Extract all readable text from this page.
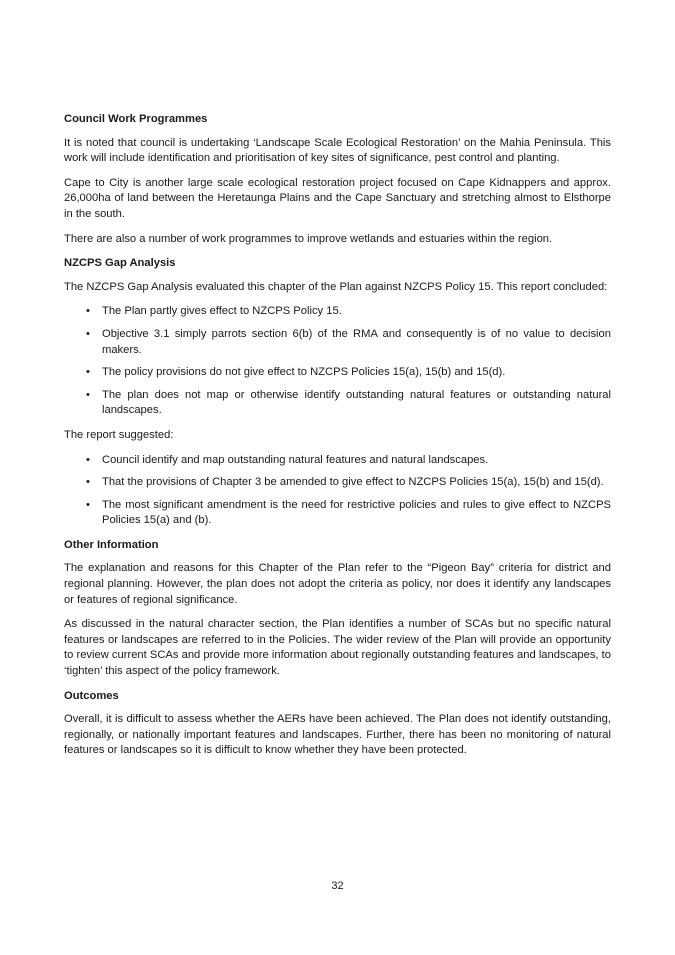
Council Work Programmes

It is noted that council is undertaking ‘Landscape Scale Ecological Restoration’ on the Mahia Peninsula. This work will include identification and prioritisation of key sites of significance, pest control and planting.

Cape to City is another large scale ecological restoration project focused on Cape Kidnappers and approx. 26,000ha of land between the Heretaunga Plains and the Cape Sanctuary and stretching almost to Elsthorpe in the south.

There are also a number of work programmes to improve wetlands and estuaries within the region.

NZCPS Gap Analysis

The NZCPS Gap Analysis evaluated this chapter of the Plan against NZCPS Policy 15. This report concluded:

• The Plan partly gives effect to NZCPS Policy 15.
• Objective 3.1 simply parrots section 6(b) of the RMA and consequently is of no value to decision makers.
• The policy provisions do not give effect to NZCPS Policies 15(a), 15(b) and 15(d).
• The plan does not map or otherwise identify outstanding natural features or outstanding natural landscapes.

The report suggested:

• Council identify and map outstanding natural features and natural landscapes.
• That the provisions of Chapter 3 be amended to give effect to NZCPS Policies 15(a), 15(b) and 15(d).
• The most significant amendment is the need for restrictive policies and rules to give effect to NZCPS Policies 15(a) and (b).
Other Information

The explanation and reasons for this Chapter of the Plan refer to the “Pigeon Bay” criteria for district and regional planning. However, the plan does not adopt the criteria as policy, nor does it identify any landscapes or features of regional significance.

As discussed in the natural character section, the Plan identifies a number of SCAs but no specific natural features or landscapes are referred to in the Policies. The wider review of the Plan will provide an opportunity to review current SCAs and provide more information about regionally outstanding features and landscapes, to ‘tighten’ this aspect of the policy framework.

Outcomes

Overall, it is difficult to assess whether the AERs have been achieved. The Plan does not identify outstanding, regionally, or nationally important features and landscapes. Further, there has been no monitoring of natural features or landscapes so it is difficult to know whether they have been protected.

32
